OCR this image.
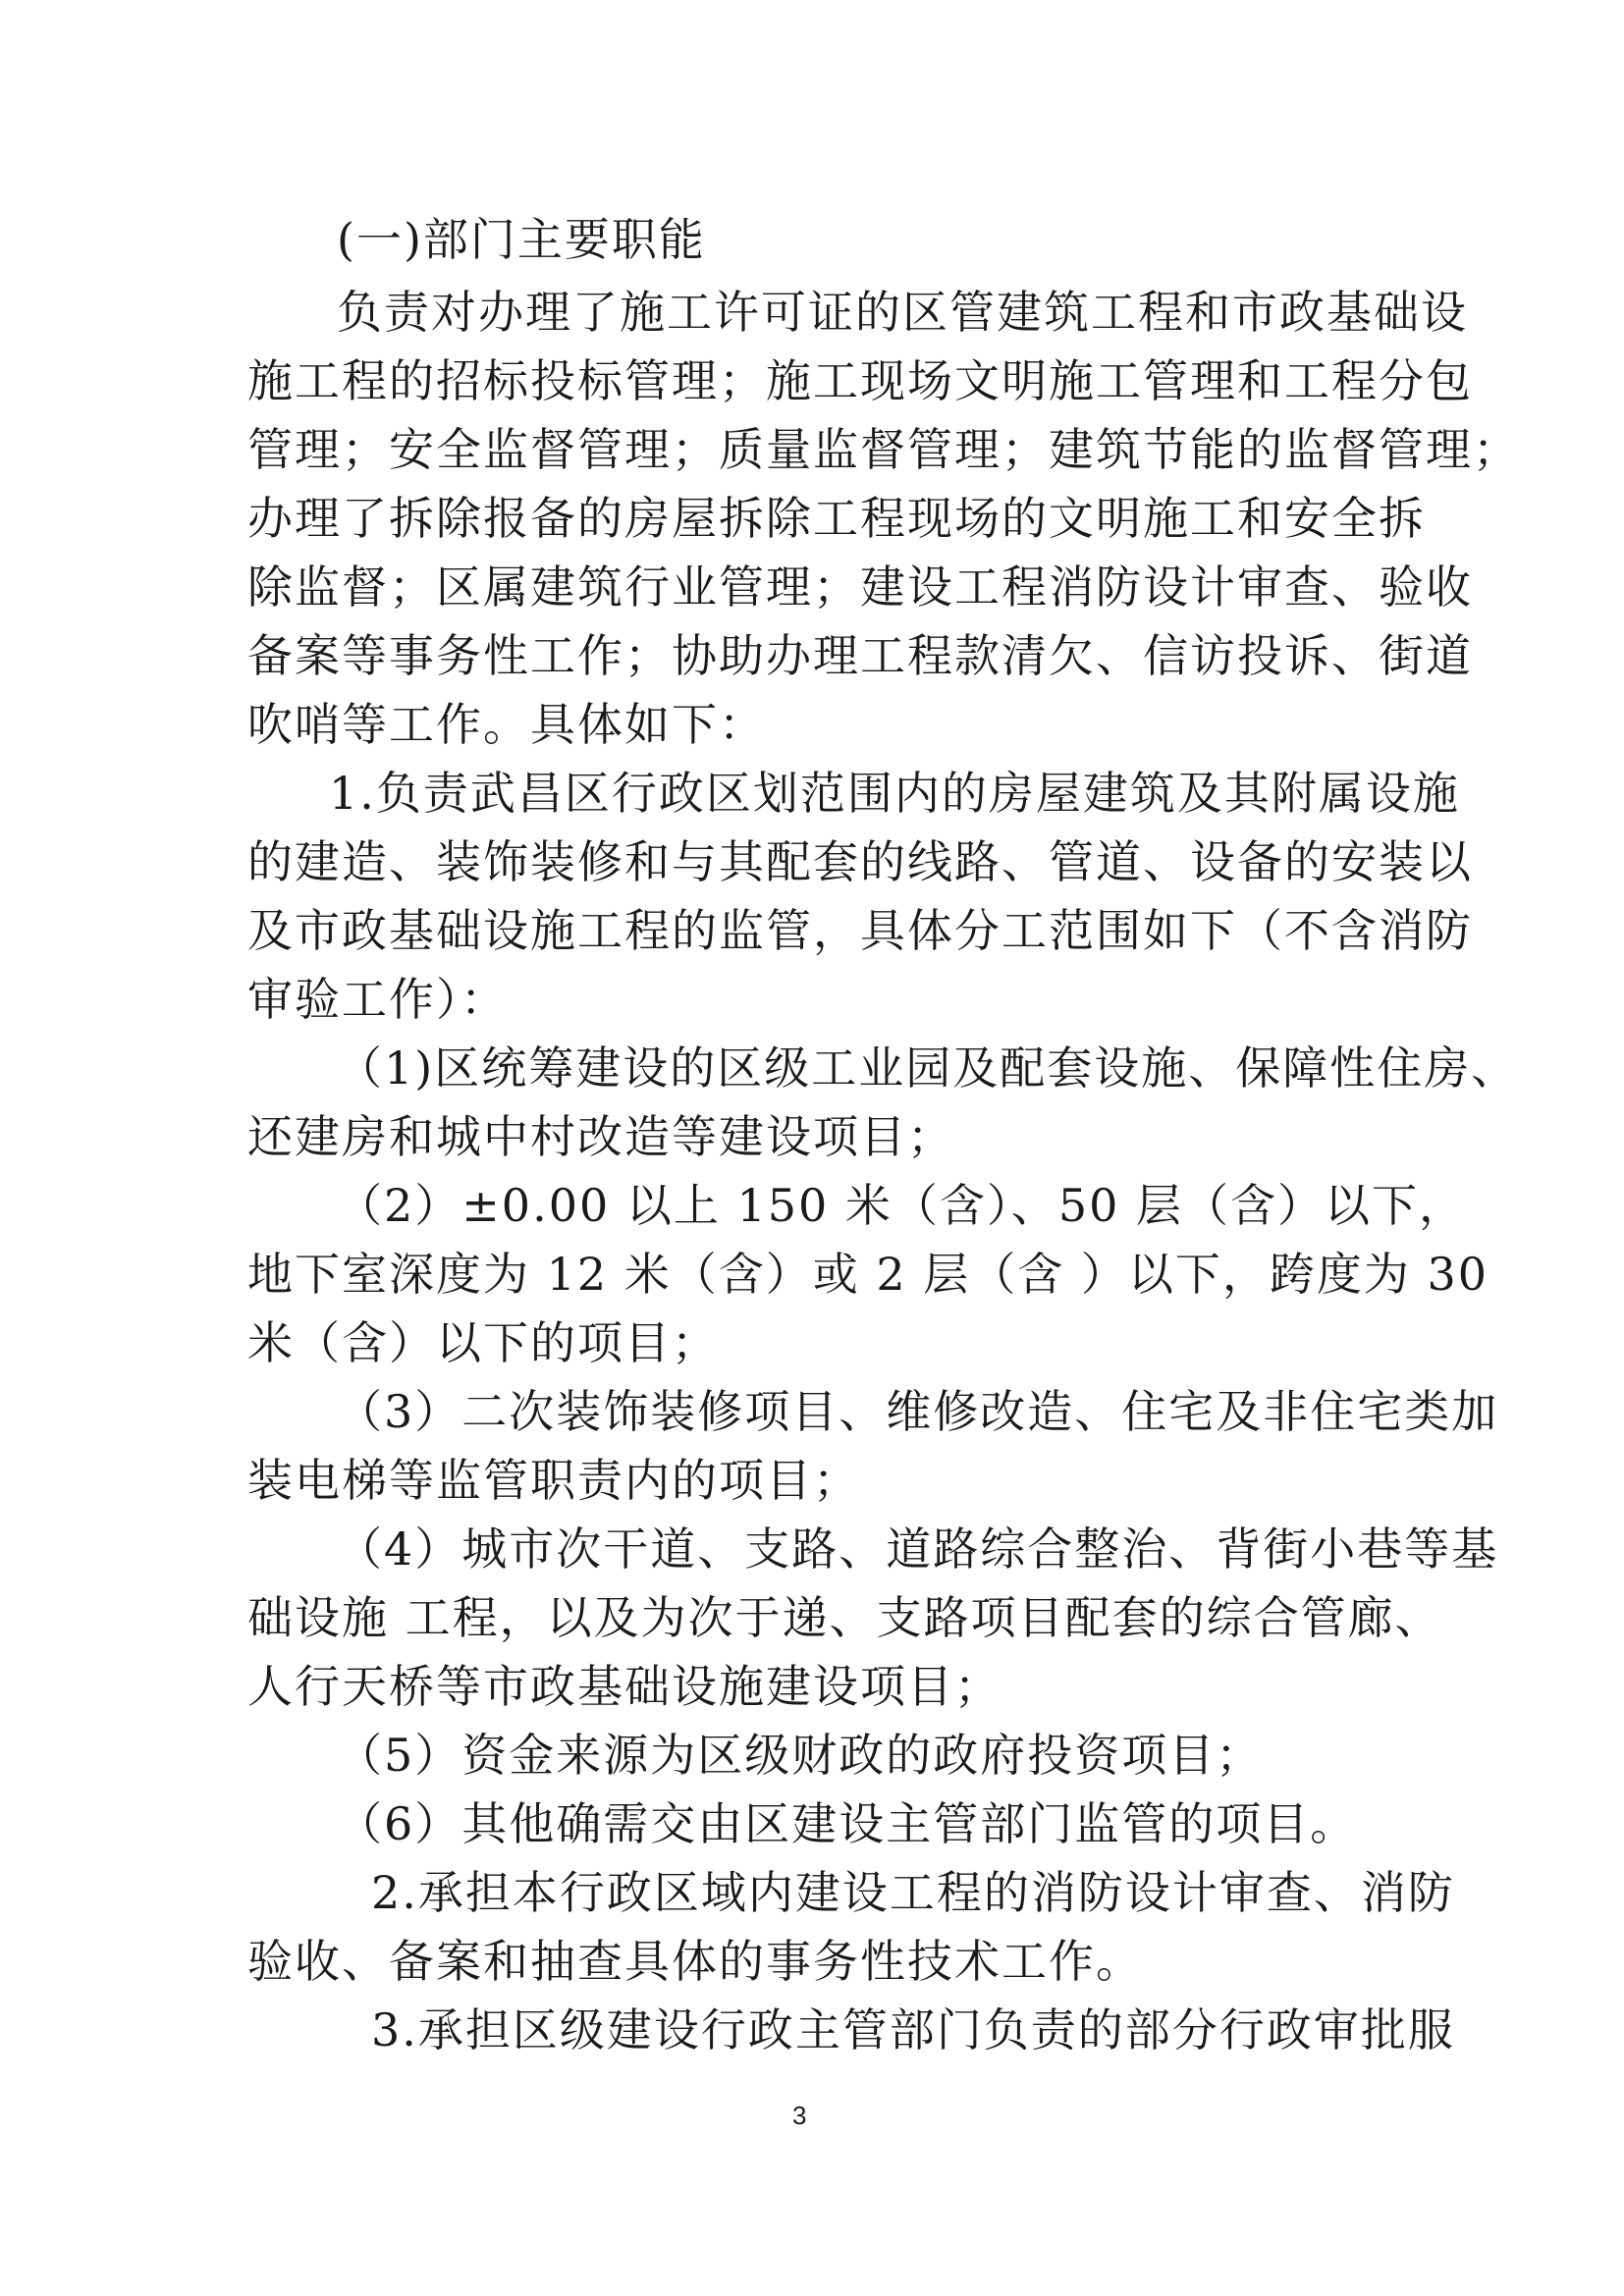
(一)部门主要职能

负责对办理了施工许可证的区管建筑工程和市政基础设

施工程的招标投标管理；施工现场文明施工管理和工程分包

管理；安全监督管理；质量监督管理；建筑节能的监督管理；

办理了拆除报备的房屋拆除工程现场的文明施工和安全拆

除监督；区属建筑行业管理；建设工程消防设计审查、验收

备案等事务性工作；协助办理工程款清欠、信访投诉、街道

吹哨等工作。具体如下：

1.负责武昌区行政区划范围内的房屋建筑及其附属设施

的建造、装饰装修和与其配套的线路、管道、设备的安装以

及市政基础设施工程的监管，具体分工范围如下（不含消防

审验工作）：

（1)区统筹建设的区级工业园及配套设施、保障性住房、

还建房和城中村改造等建设项目；

（2）±0.00 以上 150 米（含）、50 层（含）以下，

地下室深度为 12 米（含）或 2 层（含 ）以下，跨度为 30

米（含）以下的项目；

（3）二次装饰装修项目、维修改造、住宅及非住宅类加

装电梯等监管职责内的项目；

（4）城市次干道、支路、道路综合整治、背街小巷等基

础设施 工程，以及为次于递、支路项目配套的综合管廊、

人行天桥等市政基础设施建设项目；

（5）资金来源为区级财政的政府投资项目；

（6）其他确需交由区建设主管部门监管的项目。

2.承担本行政区域内建设工程的消防设计审查、消防

验收、备案和抽查具体的事务性技术工作。

3.承担区级建设行政主管部门负责的部分行政审批服

3
